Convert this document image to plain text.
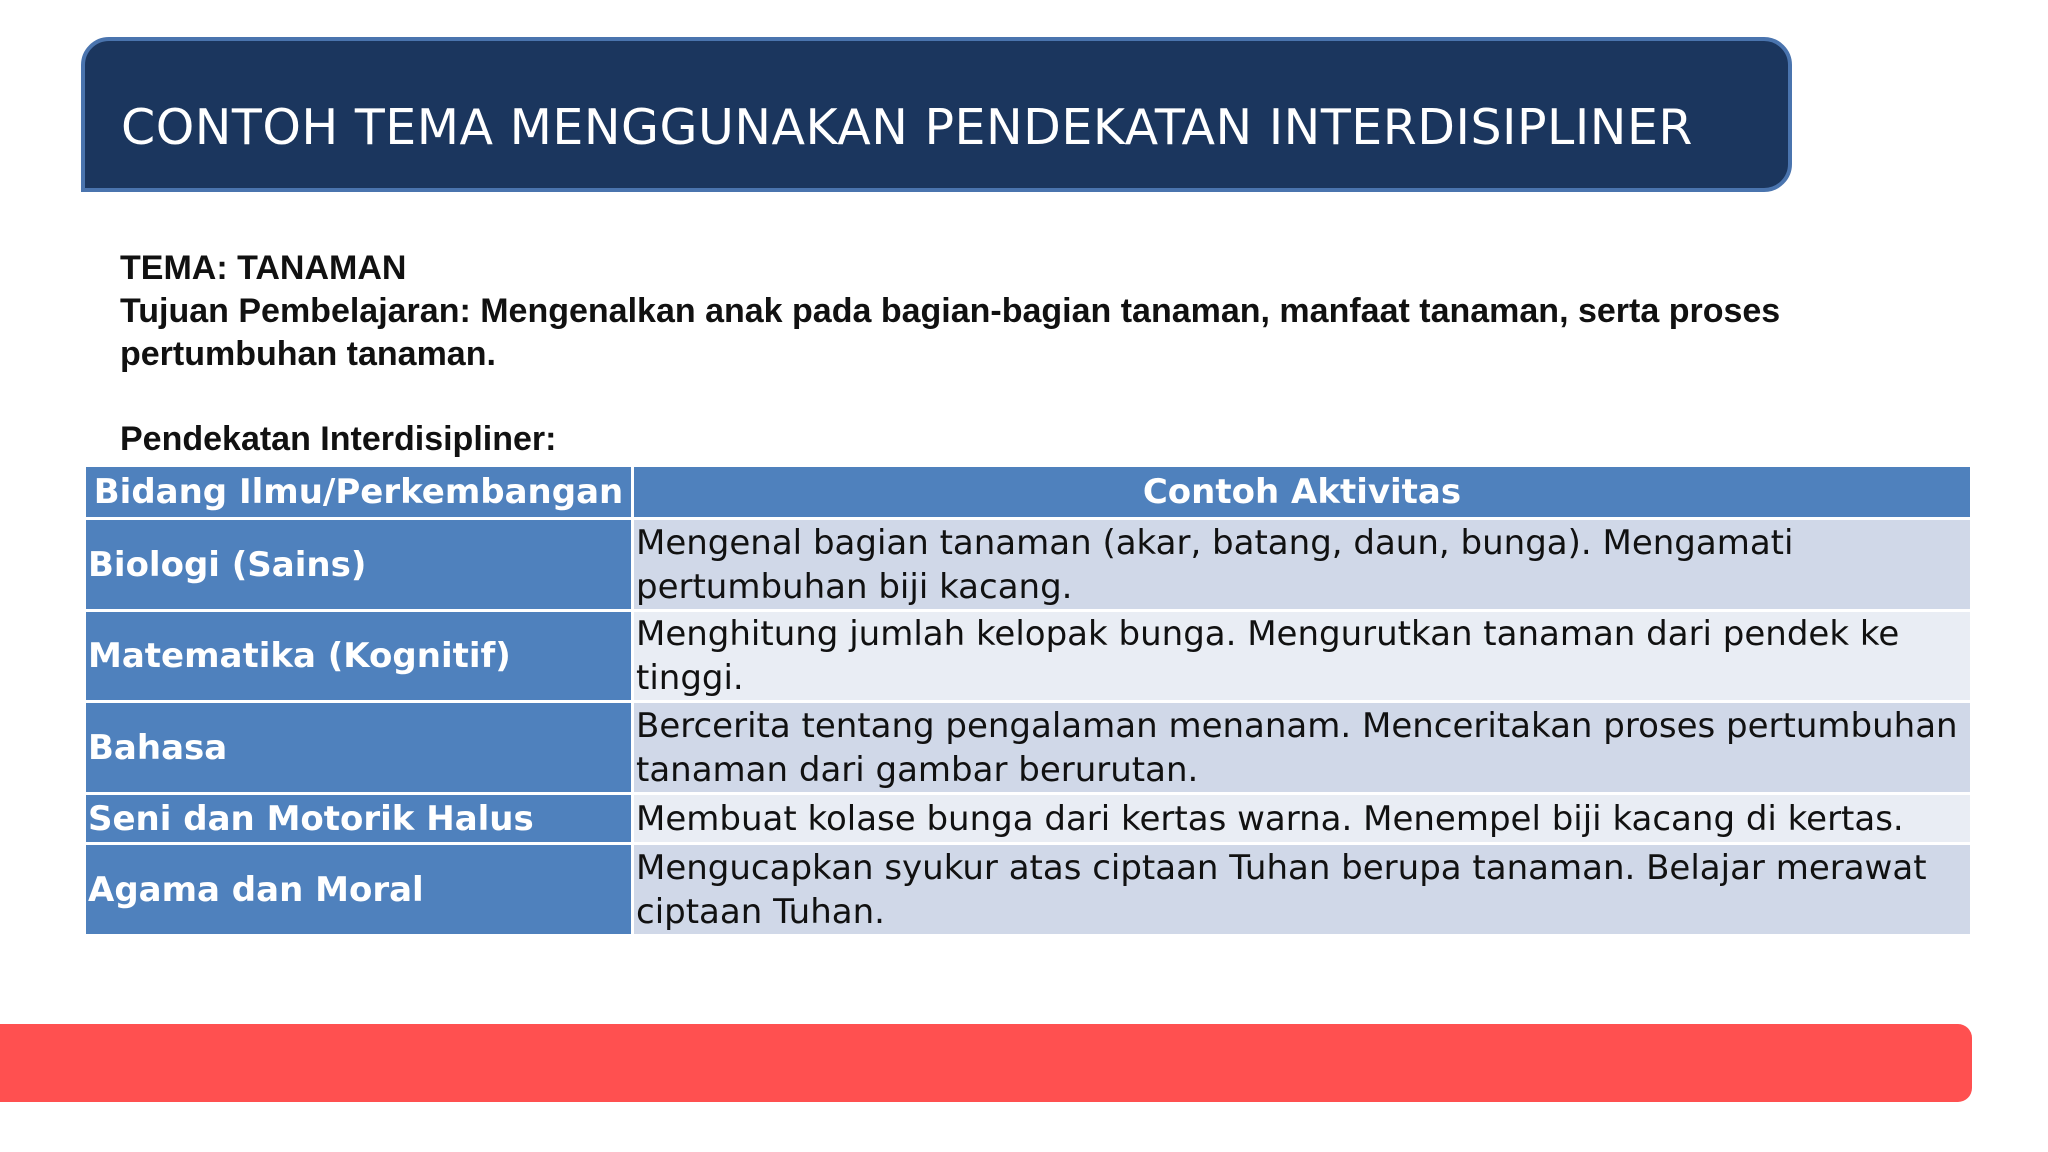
CONTOH TEMA MENGGUNAKAN PENDEKATAN INTERDISIPLINER
TEMA: TANAMAN
Tujuan Pembelajaran: Mengenalkan anak pada bagian-bagian tanaman, manfaat tanaman, serta proses pertumbuhan tanaman.
Pendekatan Interdisipliner:
Bidang Ilmu/Perkembangan	Contoh Aktivitas
Biologi (Sains)	Mengenal bagian tanaman (akar, batang, daun, bunga). Mengamati pertumbuhan biji kacang.
Matematika (Kognitif)	Menghitung jumlah kelopak bunga. Mengurutkan tanaman dari pendek ke tinggi.
Bahasa	Bercerita tentang pengalaman menanam. Menceritakan proses pertumbuhan tanaman dari gambar berurutan.
Seni dan Motorik Halus	Membuat kolase bunga dari kertas warna. Menempel biji kacang di kertas.
Agama dan Moral	Mengucapkan syukur atas ciptaan Tuhan berupa tanaman. Belajar merawat ciptaan Tuhan.
